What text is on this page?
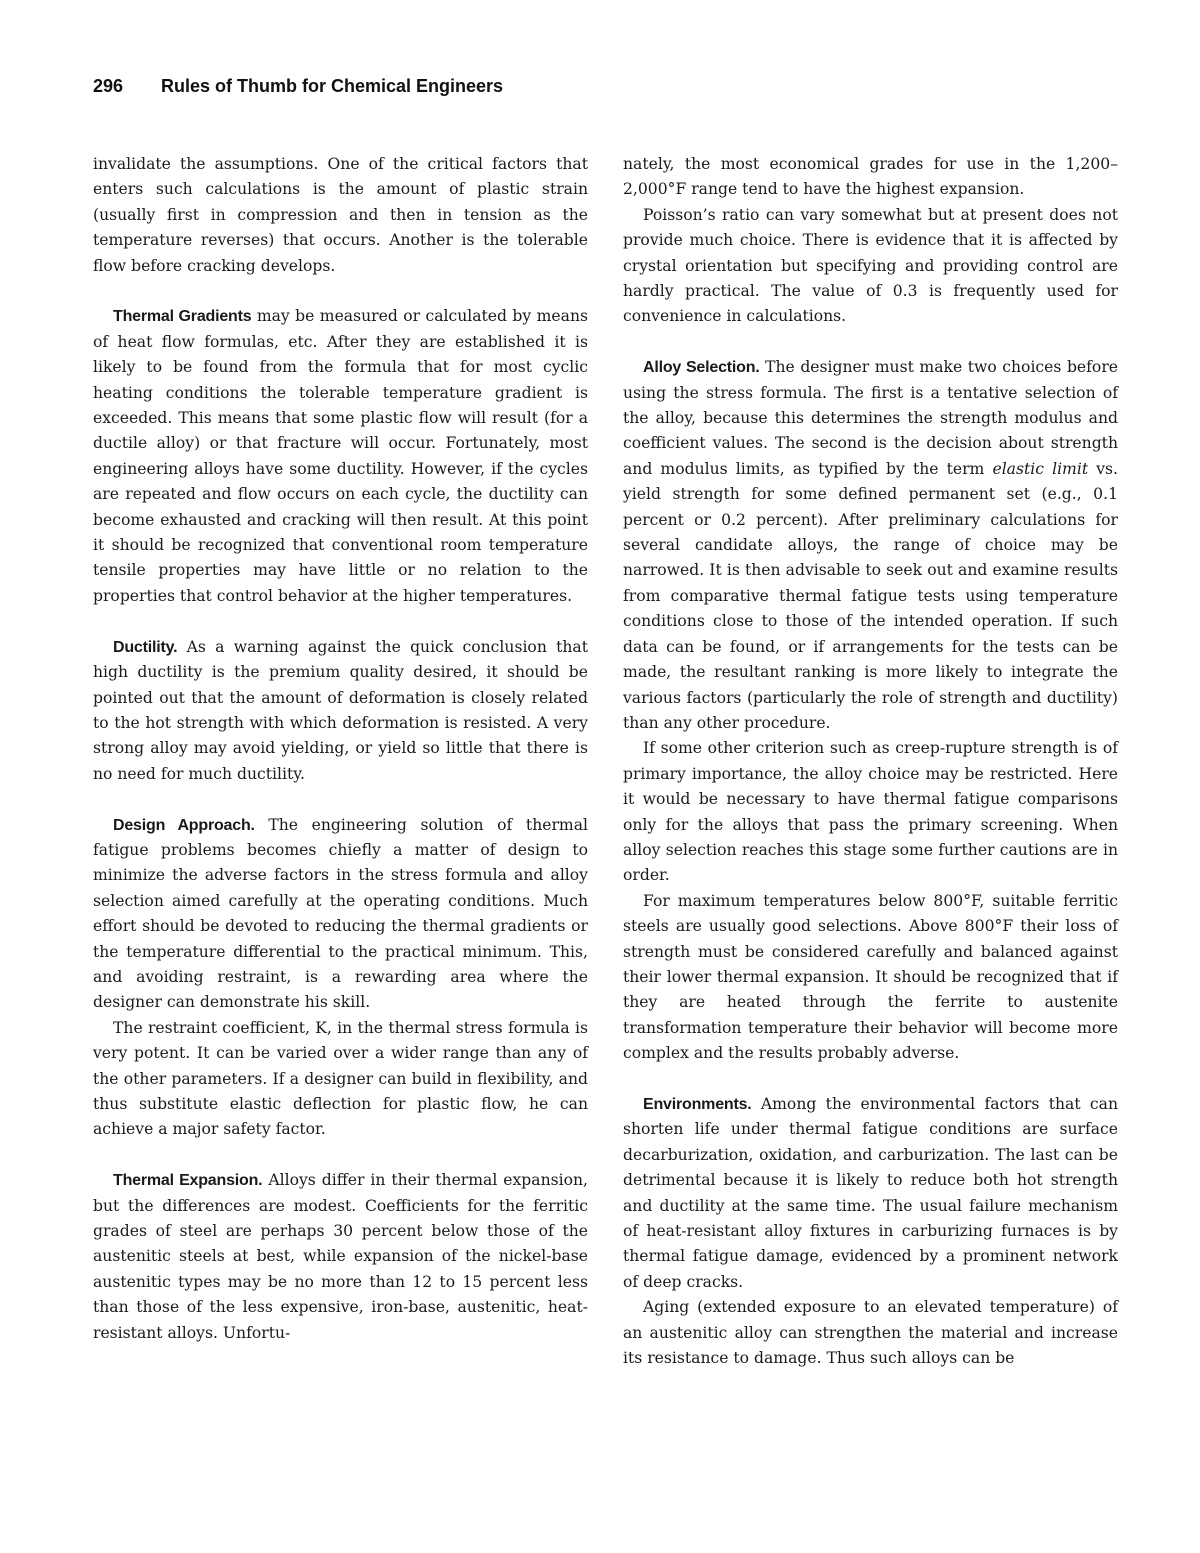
296 Rules of Thumb for Chemical Engineers

invalidate the assumptions. One of the critical factors that enters such calculations is the amount of plastic strain (usually first in compression and then in tension as the temperature reverses) that occurs. Another is the tolerable flow before cracking develops.

Thermal Gradients may be measured or calculated by means of heat flow formulas, etc. After they are established it is likely to be found from the formula that for most cyclic heating conditions the tolerable temperature gradient is exceeded. This means that some plastic flow will result (for a ductile alloy) or that fracture will occur. Fortunately, most engineering alloys have some ductility. However, if the cycles are repeated and flow occurs on each cycle, the ductility can become exhausted and cracking will then result. At this point it should be recognized that conventional room temperature tensile properties may have little or no relation to the properties that control behavior at the higher temperatures.

Ductility. As a warning against the quick conclusion that high ductility is the premium quality desired, it should be pointed out that the amount of deformation is closely related to the hot strength with which deformation is resisted. A very strong alloy may avoid yielding, or yield so little that there is no need for much ductility.

Design Approach. The engineering solution of thermal fatigue problems becomes chiefly a matter of design to minimize the adverse factors in the stress formula and alloy selection aimed carefully at the operating conditions. Much effort should be devoted to reducing the thermal gradients or the temperature differential to the practical minimum. This, and avoiding restraint, is a rewarding area where the designer can demonstrate his skill.

The restraint coefficient, K, in the thermal stress formula is very potent. It can be varied over a wider range than any of the other parameters. If a designer can build in flexibility, and thus substitute elastic deflection for plastic flow, he can achieve a major safety factor.

Thermal Expansion. Alloys differ in their thermal expansion, but the differences are modest. Coefficients for the ferritic grades of steel are perhaps 30 percent below those of the austenitic steels at best, while expansion of the nickel-base austenitic types may be no more than 12 to 15 percent less than those of the less expensive, iron-base, austenitic, heat-resistant alloys. Unfortu-

nately, the most economical grades for use in the 1,200–2,000°F range tend to have the highest expansion.

Poisson’s ratio can vary somewhat but at present does not provide much choice. There is evidence that it is affected by crystal orientation but specifying and providing control are hardly practical. The value of 0.3 is frequently used for convenience in calculations.

Alloy Selection. The designer must make two choices before using the stress formula. The first is a tentative selection of the alloy, because this determines the strength modulus and coefficient values. The second is the decision about strength and modulus limits, as typified by the term elastic limit vs. yield strength for some defined permanent set (e.g., 0.1 percent or 0.2 percent). After preliminary calculations for several candidate alloys, the range of choice may be narrowed. It is then advisable to seek out and examine results from comparative thermal fatigue tests using temperature conditions close to those of the intended operation. If such data can be found, or if arrangements for the tests can be made, the resultant ranking is more likely to integrate the various factors (particularly the role of strength and ductility) than any other procedure.

If some other criterion such as creep-rupture strength is of primary importance, the alloy choice may be restricted. Here it would be necessary to have thermal fatigue comparisons only for the alloys that pass the primary screening. When alloy selection reaches this stage some further cautions are in order.

For maximum temperatures below 800°F, suitable ferritic steels are usually good selections. Above 800°F their loss of strength must be considered carefully and balanced against their lower thermal expansion. It should be recognized that if they are heated through the ferrite to austenite transformation temperature their behavior will become more complex and the results probably adverse.

Environments. Among the environmental factors that can shorten life under thermal fatigue conditions are surface decarburization, oxidation, and carburization. The last can be detrimental because it is likely to reduce both hot strength and ductility at the same time. The usual failure mechanism of heat-resistant alloy fixtures in carburizing furnaces is by thermal fatigue damage, evidenced by a prominent network of deep cracks.

Aging (extended exposure to an elevated temperature) of an austenitic alloy can strengthen the material and increase its resistance to damage. Thus such alloys can be
